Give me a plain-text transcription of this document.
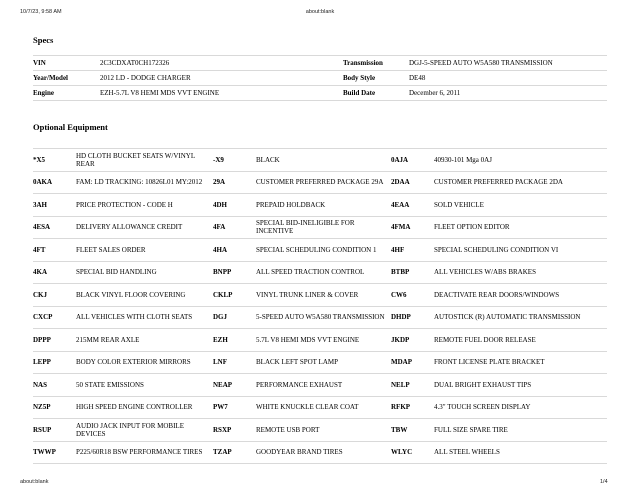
10/7/23, 9:58 AM	about:blank
about:blank	1/4
Specs
VIN	2C3CDXAT0CH172326	Transmission	DGJ-5-SPEED AUTO W5A580 TRANSMISSION
Year/Model	2012 LD - DODGE CHARGER	Body Style	DE48
Engine	EZH-5.7L V8 HEMI MDS VVT ENGINE	Build Date	December 6, 2011
Optional Equipment
*X5	HD CLOTH BUCKET SEATS W/VINYL REAR	-X9	BLACK	0AJA	40930-101 Mga 0AJ
0AKA	FAM: LD TRACKING: 10826L01 MY:2012	29A	CUSTOMER PREFERRED PACKAGE 29A	2DAA	CUSTOMER PREFERRED PACKAGE 2DA
3AH	PRICE PROTECTION - CODE H	4DH	PREPAID HOLDBACK	4EAA	SOLD VEHICLE
4ESA	DELIVERY ALLOWANCE CREDIT	4FA	SPECIAL BID-INELIGIBLE FOR INCENTIVE	4FMA	FLEET OPTION EDITOR
4FT	FLEET SALES ORDER	4HA	SPECIAL SCHEDULING CONDITION 1	4HF	SPECIAL SCHEDULING CONDITION VI
4KA	SPECIAL BID HANDLING	BNPP	ALL SPEED TRACTION CONTROL	BTBP	ALL VEHICLES W/ABS BRAKES
CKJ	BLACK VINYL FLOOR COVERING	CKLP	VINYL TRUNK LINER & COVER	CW6	DEACTIVATE REAR DOORS/WINDOWS
CXCP	ALL VEHICLES WITH CLOTH SEATS	DGJ	5-SPEED AUTO W5A580 TRANSMISSION DHDP	AUTOSTICK (R) AUTOMATIC TRANSMISSION
DPPP	215MM REAR AXLE	EZH	5.7L V8 HEMI MDS VVT ENGINE	JKDP	REMOTE FUEL DOOR RELEASE
LEPP	BODY COLOR EXTERIOR MIRRORS	LNF	BLACK LEFT SPOT LAMP	MDAP	FRONT LICENSE PLATE BRACKET
NAS	50 STATE EMISSIONS	NEAP	PERFORMANCE EXHAUST	NELP	DUAL BRIGHT EXHAUST TIPS
NZ5P	HIGH SPEED ENGINE CONTROLLER	PW7	WHITE KNUCKLE CLEAR COAT	RFKP	4.3" TOUCH SCREEN DISPLAY
RSUP	AUDIO JACK INPUT FOR MOBILE DEVICES	RSXP	REMOTE USB PORT	TBW	FULL SIZE SPARE TIRE
TWWP	P225/60R18 BSW PERFORMANCE TIRES	TZAP	GOODYEAR BRAND TIRES	WLYC	ALL STEEL WHEELS
